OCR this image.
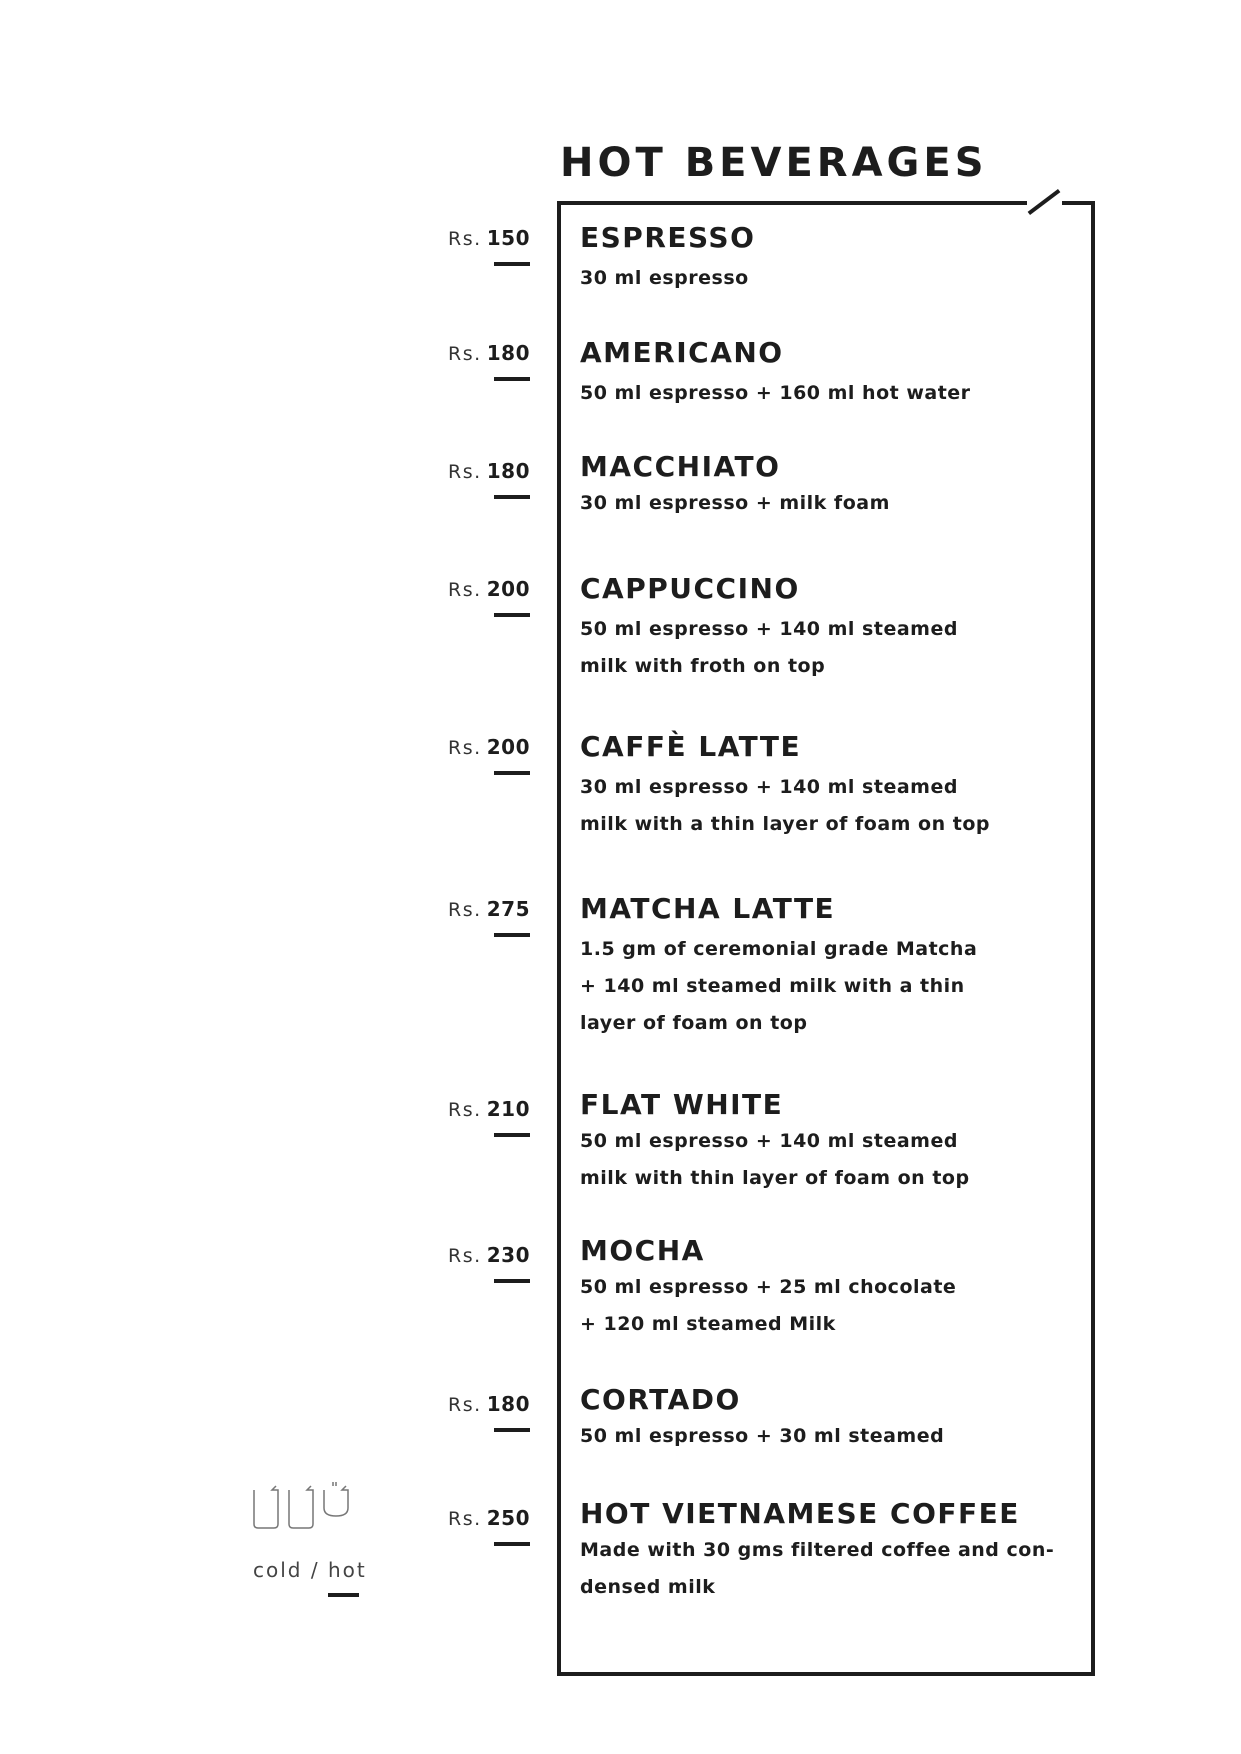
HOT BEVERAGES
Rs. 150 ESPRESSO
30 ml espresso
Rs. 180 AMERICANO
50 ml espresso + 160 ml hot water
Rs. 180 MACCHIATO
30 ml espresso + milk foam
Rs. 200 CAPPUCCINO
50 ml espresso + 140 ml steamed
milk with froth on top
Rs. 200 CAFFÈ LATTE
30 ml espresso + 140 ml steamed
milk with a thin layer of foam on top
Rs. 275 MATCHA LATTE
1.5 gm of ceremonial grade Matcha
+ 140 ml steamed milk with a thin
layer of foam on top
Rs. 210 FLAT WHITE
50 ml espresso + 140 ml steamed
milk with thin layer of foam on top
Rs. 230 MOCHA
50 ml espresso + 25 ml chocolate
+ 120 ml steamed Milk
Rs. 180 CORTADO
50 ml espresso + 30 ml steamed
Rs. 250 HOT VIETNAMESE COFFEE
Made with 30 gms filtered coffee and con-
densed milk
cold / hot
